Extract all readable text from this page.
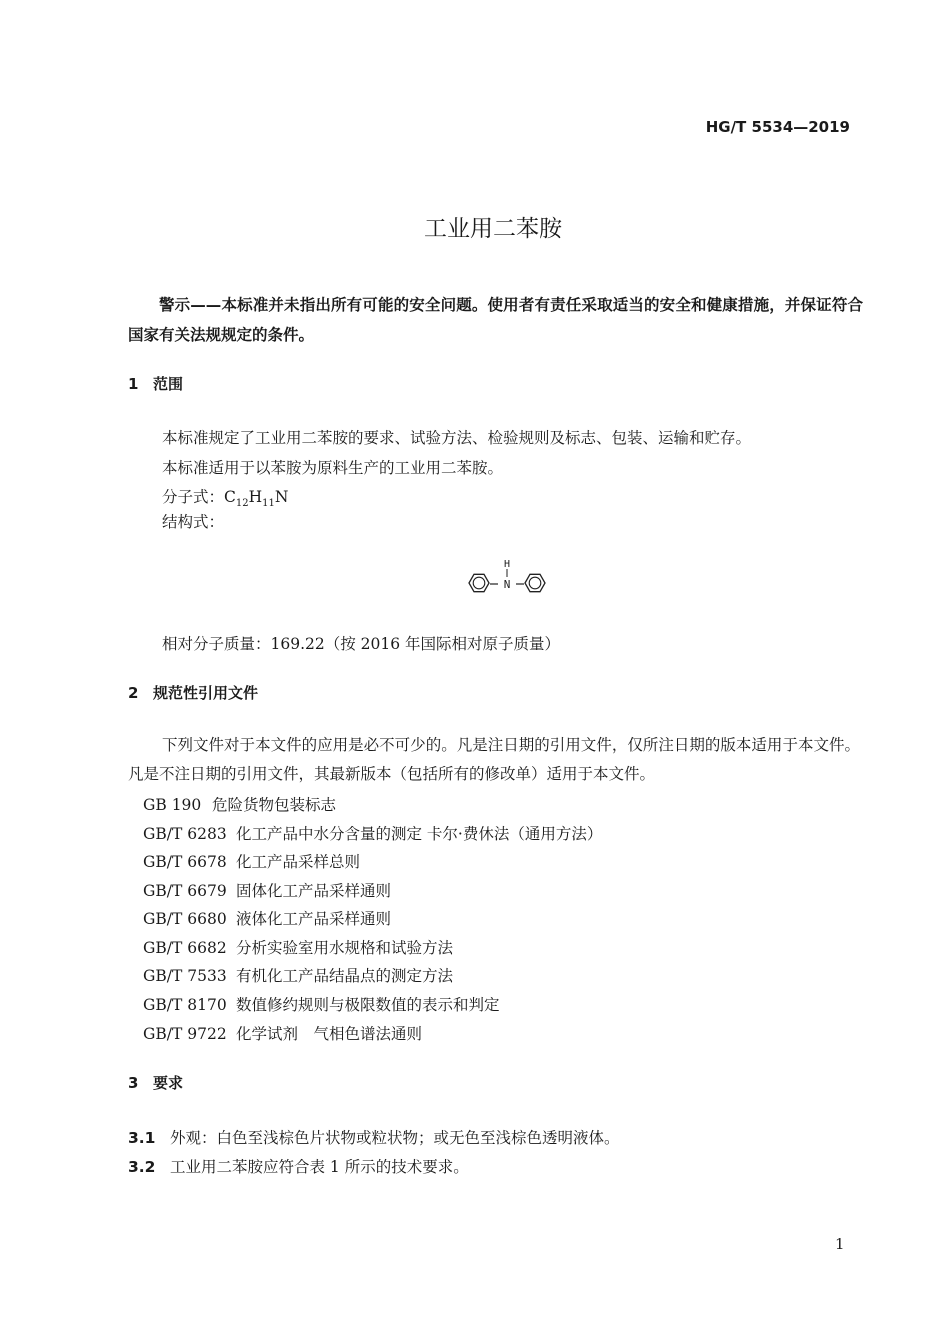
HG/T 5534—2019
工业用二苯胺
警示——本标准并未指出所有可能的安全问题。使用者有责任采取适当的安全和健康措施，并保证符合国家有关法规规定的条件。
1 范围
本标准规定了工业用二苯胺的要求、试验方法、检验规则及标志、包装、运输和贮存。
本标准适用于以苯胺为原料生产的工业用二苯胺。
分子式：$C_{12}H_{11}N$
结构式：
N
H
相对分子质量：169.22（按 2016 年国际相对原子质量）
2 规范性引用文件
下列文件对于本文件的应用是必不可少的。凡是注日期的引用文件，仅所注日期的版本适用于本文件。凡是不注日期的引用文件，其最新版本（包括所有的修改单）适用于本文件。
GB 190 危险货物包装标志
GB/T 6283 化工产品中水分含量的测定 卡尔·费休法（通用方法）
GB/T 6678 化工产品采样总则
GB/T 6679 固体化工产品采样通则
GB/T 6680 液体化工产品采样通则
GB/T 6682 分析实验室用水规格和试验方法
GB/T 7533 有机化工产品结晶点的测定方法
GB/T 8170 数值修约规则与极限数值的表示和判定
GB/T 9722 化学试剂　气相色谱法通则
3 要求
3.1 外观：白色至浅棕色片状物或粒状物；或无色至浅棕色透明液体。
3.2 工业用二苯胺应符合表 1 所示的技术要求。
1
